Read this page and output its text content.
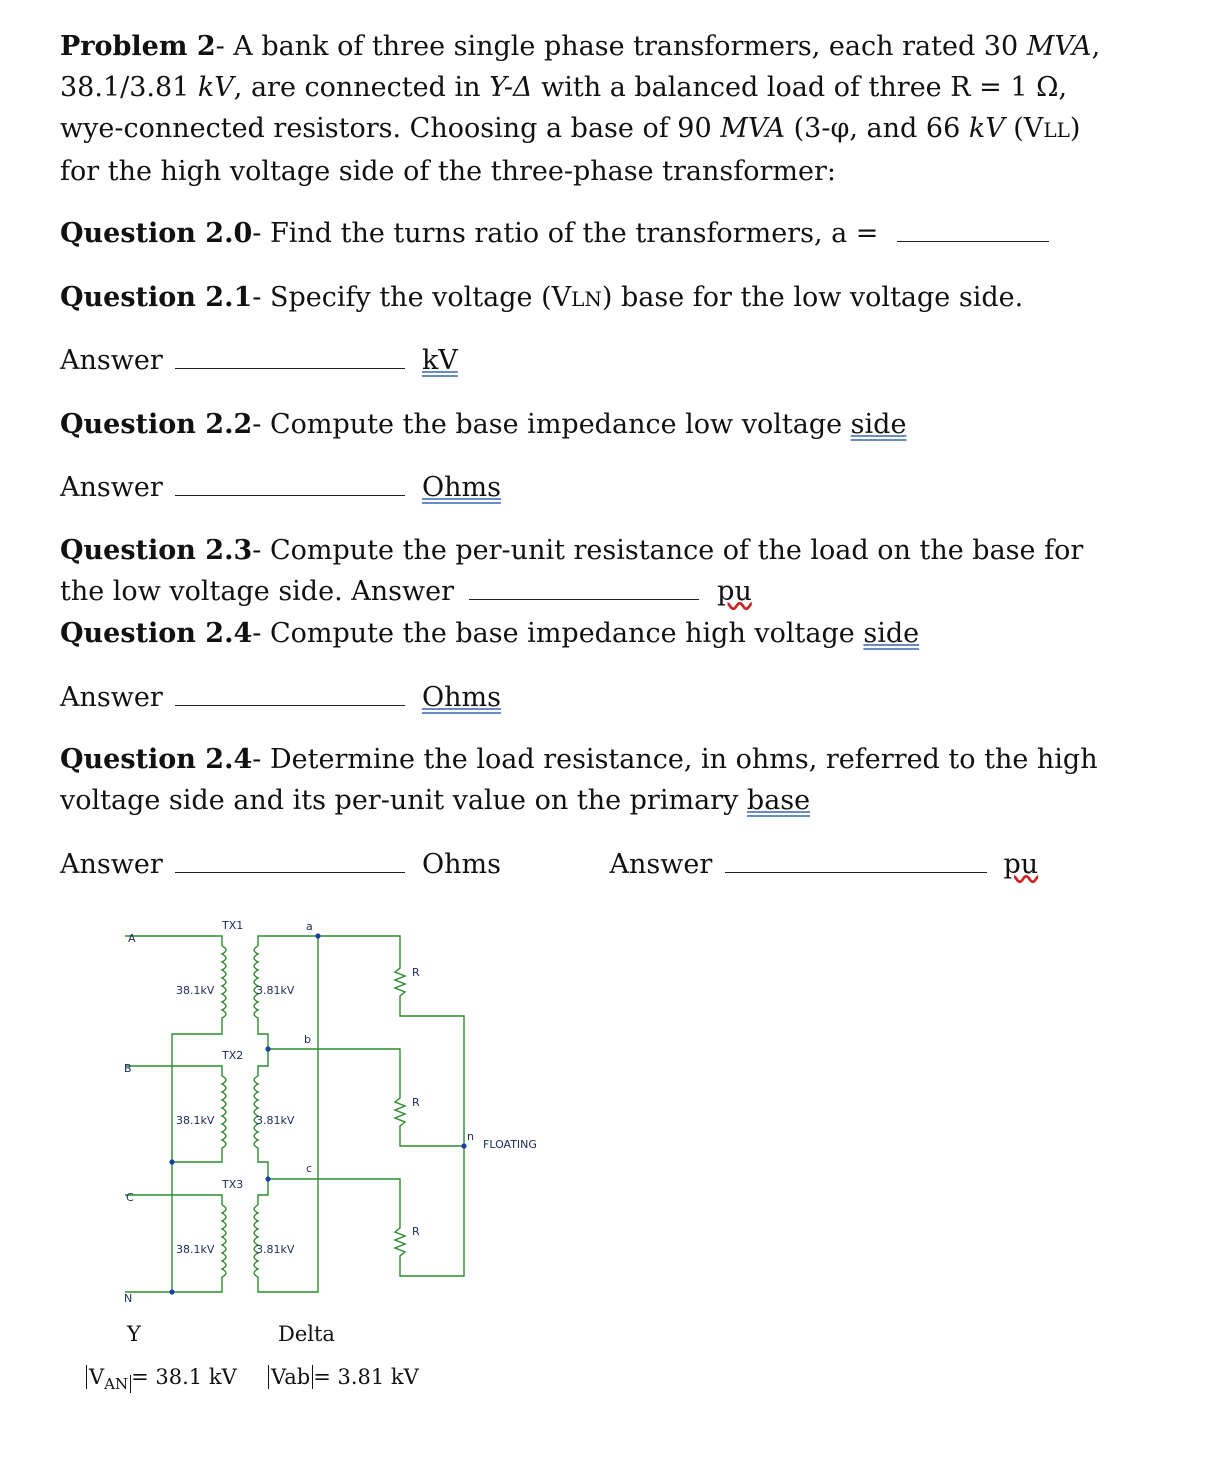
Problem 2- A bank of three single phase transformers, each rated 30 MVA,
38.1/3.81 kV, are connected in Y-Δ with a balanced load of three R = 1 Ω,
wye-connected resistors. Choosing a base of 90 MVA (3-φ, and 66 kV (VLL)
for the high voltage side of the three-phase transformer:
Question 2.0- Find the turns ratio of the transformers, a =
Question 2.1- Specify the voltage (VLN) base for the low voltage side.
Answer	kV
Question 2.2- Compute the base impedance low voltage side
Answer	Ohms
Question 2.3- Compute the per-unit resistance of the load on the base for
the low voltage side. Answer	pu
Question 2.4- Compute the base impedance high voltage side
Answer	Ohms
Question 2.4- Determine the load resistance, in ohms, referred to the high
voltage side and its per-unit value on the primary base
Answer	Ohms	Answer	pu
A
B
C
N
TX1
TX2
TX3
38.1kV
38.1kV
38.1kV
3.81kV
3.81kV
3.81kV
a
b
c
R
R
R
n
FLOATING
Y	Delta
$V_{AN} = 38.1$ kV Vab = 3.81 kV
